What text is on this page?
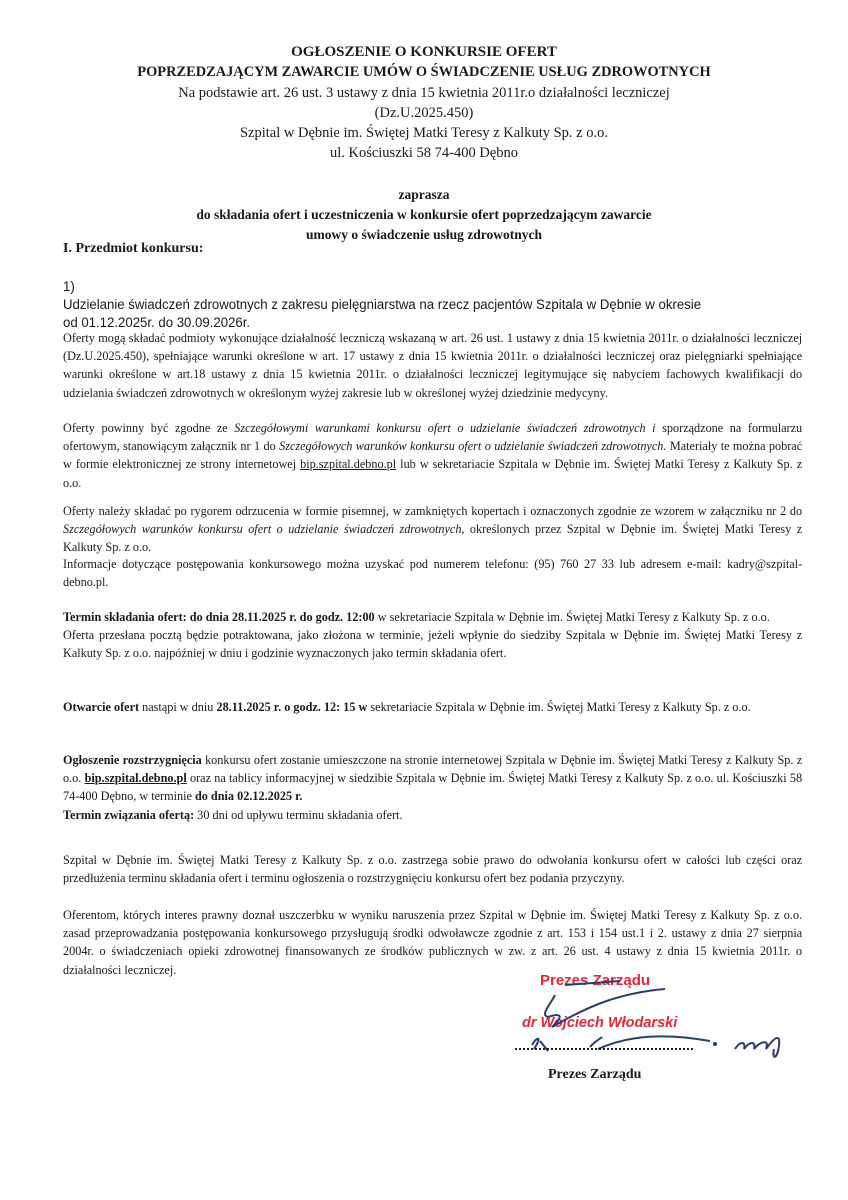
OGŁOSZENIE O KONKURSIE OFERT
POPRZEDZAJĄCYM ZAWARCIE UMÓW O ŚWIADCZENIE USŁUG ZDROWOTNYCH
Na podstawie art. 26 ust. 3 ustawy z dnia 15 kwietnia 2011r.o działalności leczniczej
(Dz.U.2025.450)
Szpital w Dębnie im. Świętej Matki Teresy z Kalkuty Sp. z o.o.
ul. Kościuszki 58 74-400 Dębno
zaprasza
do składania ofert i uczestniczenia w konkursie ofert poprzedzającym zawarcie
umowy o świadczenie usług zdrowotnych
I. Przedmiot konkursu:
1)Udzielanie świadczeń zdrowotnych z zakresu pielęgniarstwa na rzecz pacjentów Szpitala w Dębnie w okresie
od 01.12.2025r. do 30.09.2026r.

Oferty mogą składać podmioty wykonujące działalność leczniczą wskazaną w art. 26 ust. 1 ustawy z dnia 15 kwietnia 2011r. o działalności leczniczej (Dz.U.2025.450), spełniające warunki określone w art. 17 ustawy z dnia 15 kwietnia 2011r. o działalności leczniczej oraz pielęgniarki spełniające warunki określone w art.18 ustawy z dnia 15 kwietnia 2011r. o działalności leczniczej legitymujące się nabyciem fachowych kwalifikacji do udzielania świadczeń zdrowotnych w określonym wyżej zakresie lub w określonej wyżej dziedzinie medycyny.

Oferty powinny być zgodne ze Szczegółowymi warunkami konkursu ofert o udzielanie świadczeń zdrowotnych i sporządzone na formularzu ofertowym, stanowiącym załącznik nr 1 do Szczegółowych warunków konkursu ofert o udzielanie świadczeń zdrowotnych. Materiały te można pobrać w formie elektronicznej ze strony internetowej bip.szpital.debno.pl lub w sekretariacie Szpitala w Dębnie im. Świętej Matki Teresy z Kalkuty Sp. z o.o.

Oferty należy składać po rygorem odrzucenia w formie pisemnej, w zamkniętych kopertach i oznaczonych zgodnie ze wzorem w załączniku nr 2 do Szczegółowych warunków konkursu ofert o udzielanie świadczeń zdrowotnych, określonych przez Szpital w Dębnie im. Świętej Matki Teresy z Kalkuty Sp. z o.o.

Informacje dotyczące postępowania konkursowego można uzyskać pod numerem telefonu: (95) 760 27 33 lub adresem e-mail: kadry@szpital-debno.pl.

Termin składania ofert: do dnia 28.11.2025 r. do godz. 12:00 w sekretariacie Szpitala w Dębnie im. Świętej Matki Teresy z Kalkuty Sp. z o.o.

Oferta przesłana pocztą będzie potraktowana, jako złożona w terminie, jeżeli wpłynie do siedziby Szpitala w Dębnie im. Świętej Matki Teresy z Kalkuty Sp. z o.o. najpóźniej w dniu i godzinie wyznaczonych jako termin składania ofert.

Otwarcie ofert nastąpi w dniu 28.11.2025 r. o godz. 12: 15 w sekretariacie Szpitala w Dębnie im. Świętej Matki Teresy z Kalkuty Sp. z o.o.

Ogłoszenie rozstrzygnięcia konkursu ofert zostanie umieszczone na stronie internetowej Szpitala w Dębnie im. Świętej Matki Teresy z Kalkuty Sp. z o.o. bip.szpital.debno.pl oraz na tablicy informacyjnej w siedzibie Szpitala w Dębnie im. Świętej Matki Teresy z Kalkuty Sp. z o.o. ul. Kościuszki 58 74-400 Dębno, w terminie do dnia 02.12.2025 r.

Termin związania ofertą: 30 dni od upływu terminu składania ofert.

Szpital w Dębnie im. Świętej Matki Teresy z Kalkuty Sp. z o.o. zastrzega sobie prawo do odwołania konkursu ofert w całości lub części oraz przedłużenia terminu składania ofert i terminu ogłoszenia o rozstrzygnięciu konkursu ofert bez podania przyczyny.

Oferentom, których interes prawny doznał uszczerbku w wyniku naruszenia przez Szpital w Dębnie im. Świętej Matki Teresy z Kalkuty Sp. z o.o. zasad przeprowadzania postępowania konkursowego przysługują środki odwoławcze zgodnie z art. 153 i 154 ust.1 i 2. ustawy z dnia 27 sierpnia 2004r. o świadczeniach opieki zdrowotnej finansowanych ze środków publicznych w zw. z art. 26 ust. 4 ustawy z dnia 15 kwietnia 2011r. o działalności leczniczej.

Prezes Zarządu
dr Wojciech Włodarski
Prezes Zarządu
